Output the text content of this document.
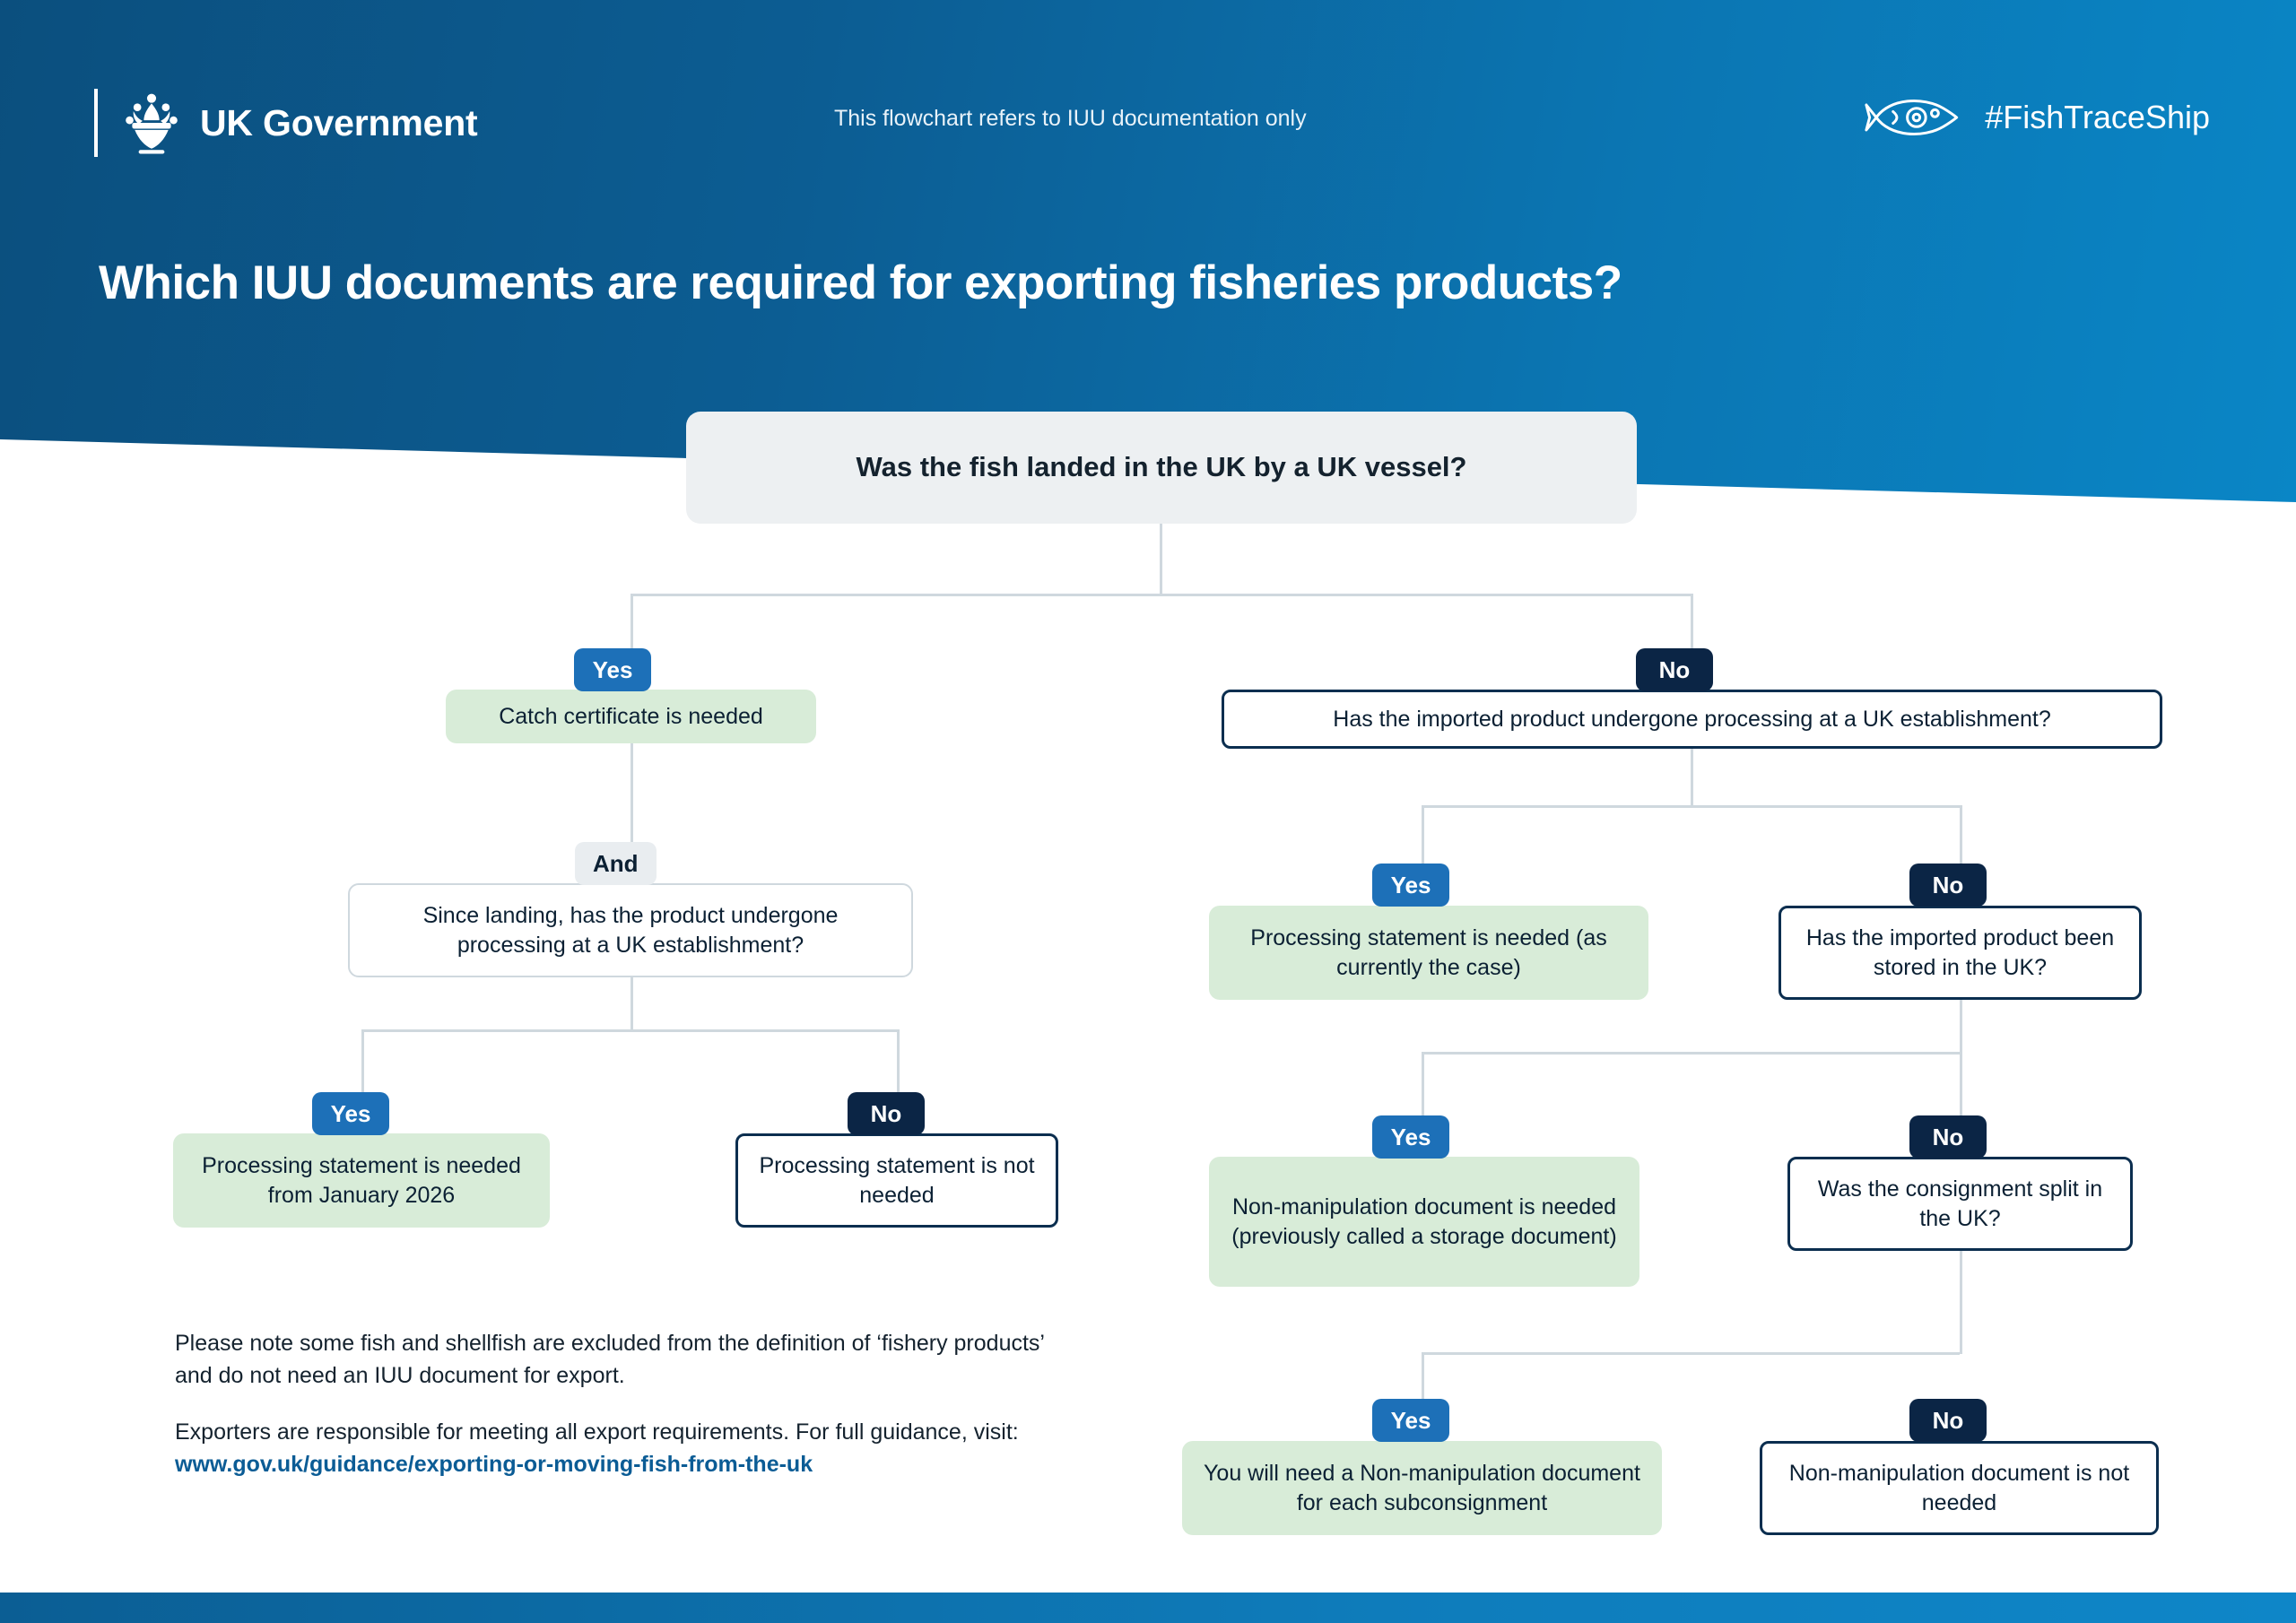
UK Government	This flowchart refers to IUU documentation only	#FishTraceShip
Which IUU documents are required for exporting fisheries products?
Was the fish landed in the UK by a UK vessel?
Yes
Catch certificate is needed
And
Since landing, has the product undergone processing at a UK establishment?
Yes
Processing statement is needed from January 2026
No
Processing statement is not needed
No
Has the imported product undergone processing at a UK establishment?
Yes
Processing statement is needed (as currently the case)
No
Has the imported product been stored in the UK?
Yes
Non-manipulation document is needed (previously called a storage document)
No
Was the consignment split in the UK?
Yes
You will need a Non-manipulation document for each subconsignment
No
Non-manipulation document is not needed

Please note some fish and shellfish are excluded from the definition of ‘fishery products’ and do not need an IUU document for export.

Exporters are responsible for meeting all export requirements. For full guidance, visit: www.gov.uk/guidance/exporting-or-moving-fish-from-the-uk
